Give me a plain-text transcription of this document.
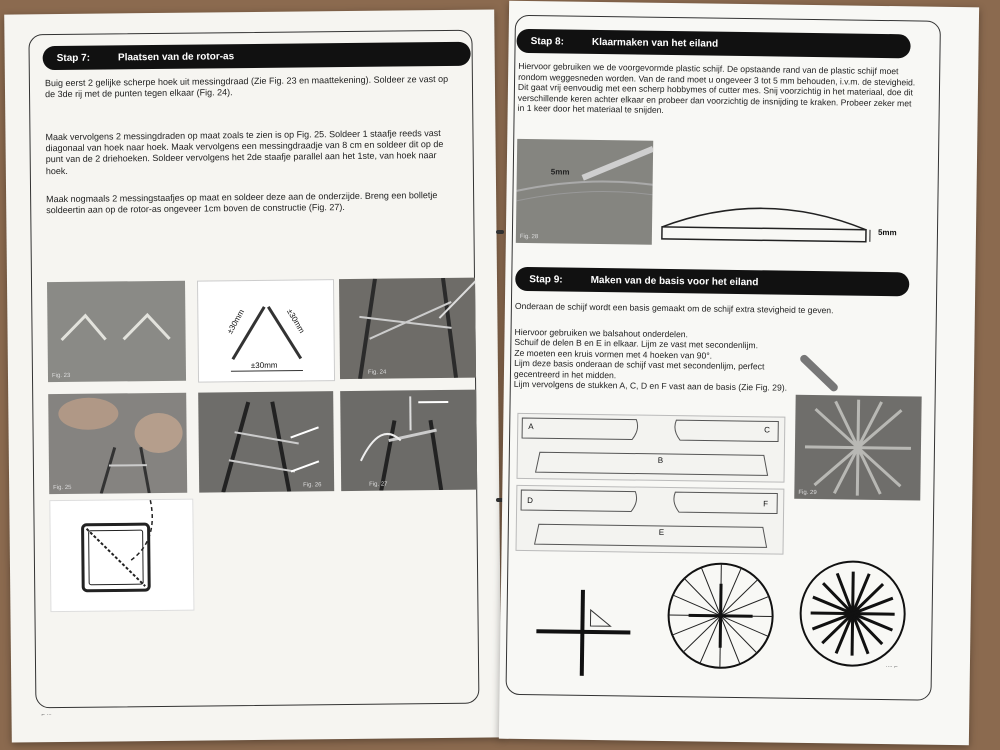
Stap 7:	Plaatsen van de rotor-as
Buig eerst 2 gelijke scherpe hoek uit messingdraad (Zie Fig. 23 en maattekening). Soldeer ze vast op de 3de rij met de punten tegen elkaar (Fig. 24).
Maak vervolgens 2 messingdraden op maat zoals te zien is op Fig. 25. Soldeer 1 staafje reeds vast diagonaal van hoek naar hoek. Maak vervolgens een messingdraadje van 8 cm en soldeer dit op de punt van de 2 driehoeken. Soldeer vervolgens het 2de staafje parallel aan het 1ste, van hoek naar hoek.
Maak nogmaals 2 messingstaafjes op maat en soldeer deze aan de onderzijde. Breng een bolletje soldeertin aan op de rotor-as ongeveer 1cm boven de constructie (Fig. 27).
Fig. 23
±30mm	±30mm
±30mm
Fig. 24
Fig. 25	Fig. 26	Fig. 27
⌐ ∙∙∙
Stap 8:	Klaarmaken van het eiland
Hiervoor gebruiken we de voorgevormde plastic schijf. De opstaande rand van de plastic schijf moet rondom weggesneden worden. Van de rand moet u ongeveer 3 tot 5 mm behouden, i.v.m. de stevigheid. Dit gaat vrij eenvoudig met een scherp hobbymes of cutter mes. Snij voorzichtig in het materiaal, doe dit verschillende keren achter elkaar en probeer dan voorzichtig de insnijding te kraken. Probeer zeker met in 1 keer door het materiaal te snijden.
5mm
Fig. 28	5mm
Stap 9:	Maken van de basis voor het eiland
Onderaan de schijf wordt een basis gemaakt om de schijf extra stevigheid te geven.
Hiervoor gebruiken we balsahout onderdelen.
Schuif de delen B en E in elkaar. Lijm ze vast met secondenlijm.
Ze moeten een kruis vormen met 4 hoeken van 90°.
Lijm deze basis onderaan de schijf vast met secondenlijm, perfect gecentreerd in het midden.
Lijm vervolgens de stukken A, C, D en F vast aan de basis (Zie Fig. 29).
Fig. 29
A	C
B
D	F
E
∙∙∙∙ ⌐
